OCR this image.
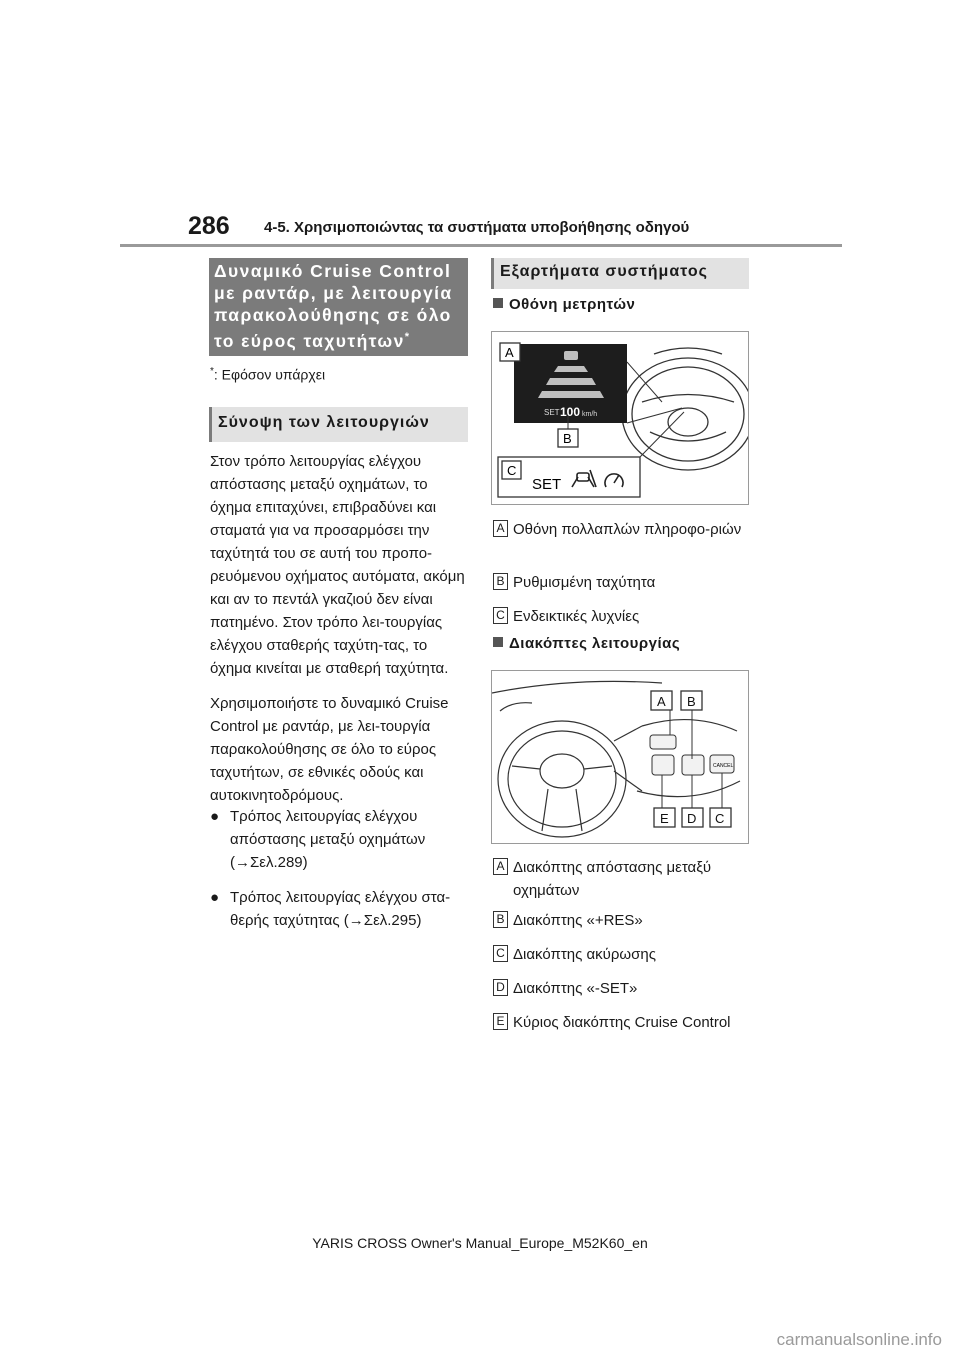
286 4-5. Χρησιμοποιώντας τα συστήματα υποβοήθησης οδηγού
Δυναμικό Cruise Control
με ραντάρ, με λειτουργία
παρακολούθησης σε όλο
το εύρος ταχυτήτων*
*: Εφόσον υπάρχει
Σύνοψη των λειτουργιών
Στον τρόπο λειτουργίας ελέγχου απόστασης μεταξύ οχημάτων, το όχημα επιταχύνει, επιβραδύνει και σταματά για να προσαρμόσει την ταχύτητά του σε αυτή του προπο-ρευόμενου οχήματος αυτόματα, ακόμη και αν το πεντάλ γκαζιού δεν είναι πατημένο. Στον τρόπο λει-τουργίας ελέγχου σταθερής ταχύτη-τας, το όχημα κινείται με σταθερή ταχύτητα.
Χρησιμοποιήστε το δυναμικό Cruise Control με ραντάρ, με λει-τουργία παρακολούθησης σε όλο το εύρος ταχυτήτων, σε εθνικές οδούς και αυτοκινητοδρόμους.
● Τρόπος λειτουργίας ελέγχου απόστασης μεταξύ οχημάτων (→Σελ.289)
● Τρόπος λειτουργίας ελέγχου στα-θερής ταχύτητας (→Σελ.295)
Εξαρτήματα συστήματος
Οθόνη μετρητών
SET 100 km/h
A
B
C
SET
A Οθόνη πολλαπλών πληροφο-ριών
B Ρυθμισμένη ταχύτητα
C Ενδεικτικές λυχνίες
Διακόπτες λειτουργίας
CANCEL
A B
E D C
A Διακόπτης απόστασης μεταξύ οχημάτων
B Διακόπτης «+RES»
C Διακόπτης ακύρωσης
D Διακόπτης «-SET»
E Κύριος διακόπτης Cruise Control
YARIS CROSS Owner's Manual_Europe_M52K60_en
carmanualsonline.info
